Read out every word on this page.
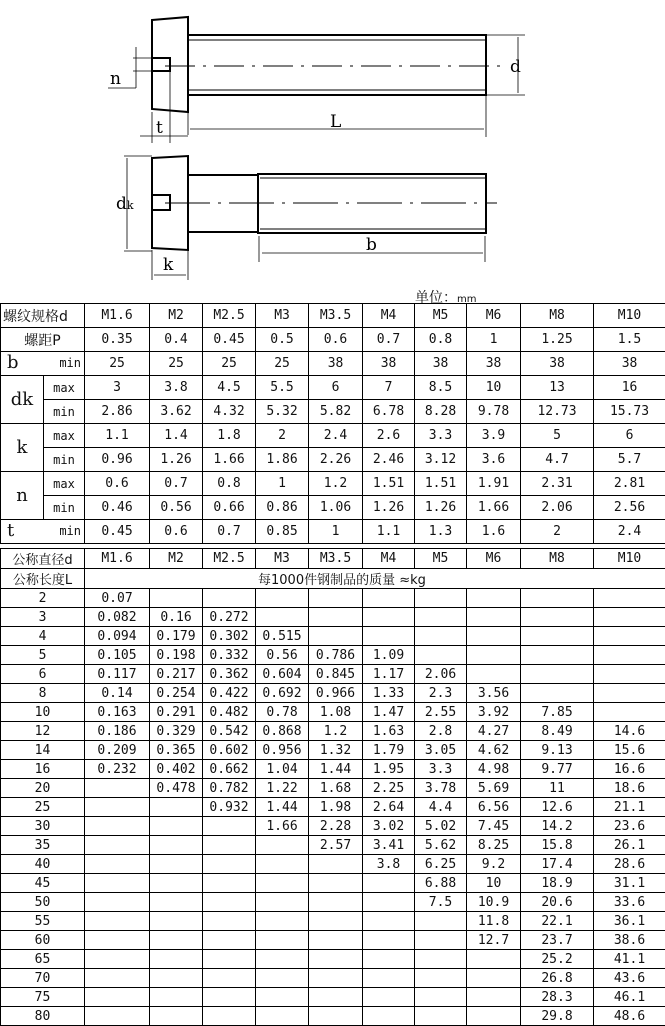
n
t	L
d
dk
k
b
单位：mm
螺纹规格d		M1.6	M2	M2.5	M3	M3.5	M4	M5	M6	M8	M10
螺距P		0.35	0.4	0.45	0.5	0.6	0.7	0.8	1	1.25	1.5

b min		25	25	25	25	38	38	38	38	38	38
dk	max	3	3.8	4.5	5.5	6	7	8.5	10	13	16
	min	2.86	3.62	4.32	5.32	5.82	6.78	8.28	9.78	12.73	15.73
k	max	1.1	1.4	1.8	2	2.4	2.6	3.3	3.9	5	6
	min	0.96	1.26	1.66	1.86	2.26	2.46	3.12	3.6	4.7	5.7
n	max	0.6	0.7	0.8	1	1.2	1.51	1.51	1.91	2.31	2.81
	min	0.46	0.56	0.66	0.86	1.06	1.26	1.26	1.66	2.06	2.56

t min		0.45	0.6	0.7	0.85	1	1.1	1.3	1.6	2	2.4
公称直径d	M1.6	M2	M2.5	M3	M3.5	M4	M5	M6	M8	M10
公称长度L	每1000件钢制品的质量 ≈kg									
2	0.07									
3	0.082	0.16	0.272							
4	0.094	0.179	0.302	0.515						
5	0.105	0.198	0.332	0.56	0.786	1.09				
6	0.117	0.217	0.362	0.604	0.845	1.17	2.06			
8	0.14	0.254	0.422	0.692	0.966	1.33	2.3	3.56		
10	0.163	0.291	0.482	0.78	1.08	1.47	2.55	3.92	7.85	
12	0.186	0.329	0.542	0.868	1.2	1.63	2.8	4.27	8.49	14.6
14	0.209	0.365	0.602	0.956	1.32	1.79	3.05	4.62	9.13	15.6
16	0.232	0.402	0.662	1.04	1.44	1.95	3.3	4.98	9.77	16.6
20		0.478	0.782	1.22	1.68	2.25	3.78	5.69	11	18.6
25			0.932	1.44	1.98	2.64	4.4	6.56	12.6	21.1
30				1.66	2.28	3.02	5.02	7.45	14.2	23.6
35					2.57	3.41	5.62	8.25	15.8	26.1
40						3.8	6.25	9.2	17.4	28.6
45							6.88	10	18.9	31.1
50							7.5	10.9	20.6	33.6
55								11.8	22.1	36.1
60								12.7	23.7	38.6
65									25.2	41.1
70									26.8	43.6
75									28.3	46.1
80									29.8	48.6
